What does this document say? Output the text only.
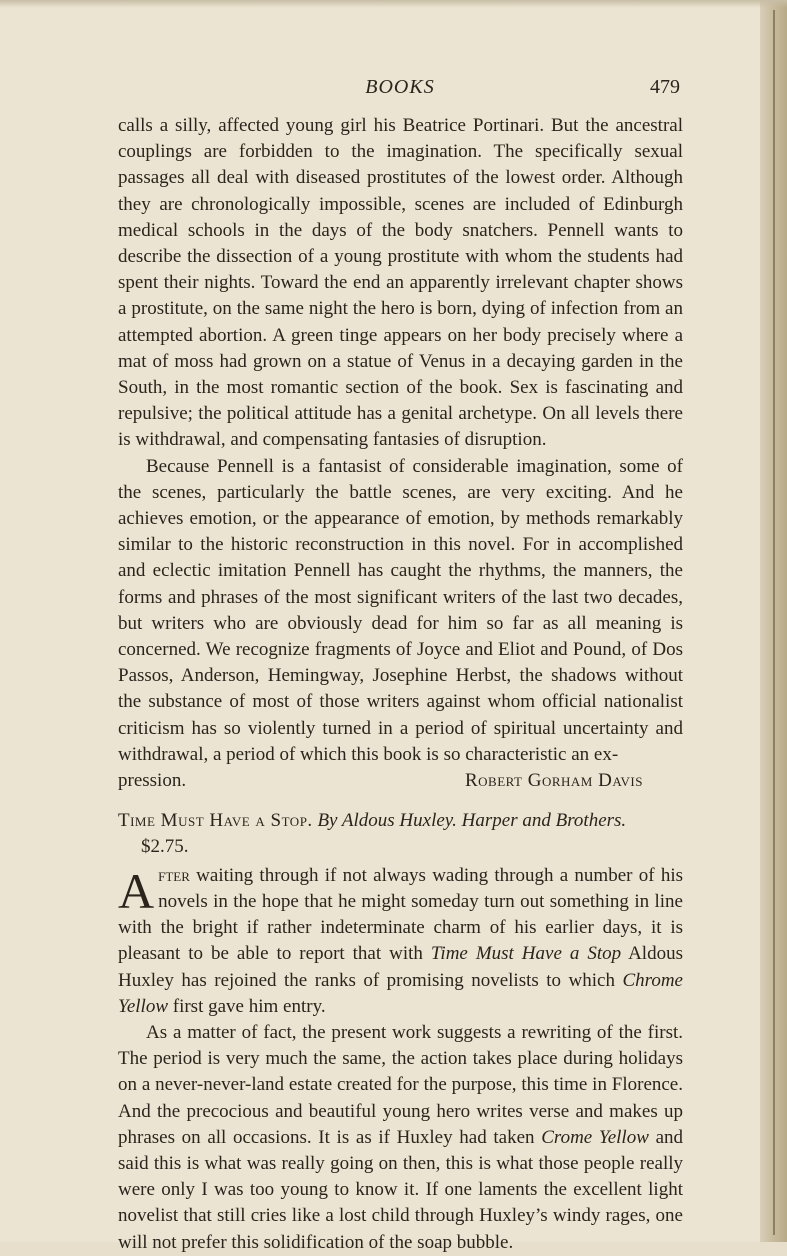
BOOKS	479

calls a silly, affected young girl his Beatrice Portinari. But the ancestral couplings are forbidden to the imagination. The specifically sexual passages all deal with diseased prostitutes of the lowest order. Although they are chronologically impossible, scenes are included of Edinburgh medical schools in the days of the body snatchers. Pennell wants to describe the dissection of a young prostitute with whom the students had spent their nights. Toward the end an apparently irrelevant chapter shows a prostitute, on the same night the hero is born, dying of infection from an attempted abortion. A green tinge appears on her body precisely where a mat of moss had grown on a statue of Venus in a decaying garden in the South, in the most romantic section of the book. Sex is fascinating and repulsive; the political attitude has a genital archetype. On all levels there is withdrawal, and compensating fantasies of disruption.

Because Pennell is a fantasist of considerable imagination, some of the scenes, particularly the battle scenes, are very exciting. And he achieves emotion, or the appearance of emotion, by methods remarkably similar to the historic reconstruction in this novel. For in accomplished and eclectic imitation Pennell has caught the rhythms, the manners, the forms and phrases of the most significant writers of the last two decades, but writers who are obviously dead for him so far as all meaning is concerned. We recognize fragments of Joyce and Eliot and Pound, of Dos Passos, Anderson, Hemingway, Josephine Herbst, the shadows without the substance of most of those writers against whom official nationalist criticism has so violently turned in a period of spiritual uncertainty and withdrawal, a period of which this book is so characteristic an ex-

pression.	Robert Gorham Davis

Time Must Have a Stop. By Aldous Huxley. Harper and Brothers.
$2.75.

After waiting through if not always wading through a number of his novels in the hope that he might someday turn out something in line with the bright if rather indeterminate charm of his earlier days, it is pleasant to be able to report that with Time Must Have a Stop Aldous Huxley has rejoined the ranks of promising novelists to which Chrome Yellow first gave him entry.

As a matter of fact, the present work suggests a rewriting of the first. The period is very much the same, the action takes place during holidays on a never-never-land estate created for the purpose, this time in Florence. And the precocious and beautiful young hero writes verse and makes up phrases on all occasions. It is as if Huxley had taken Crome Yellow and said this is what was really going on then, this is what those people really were only I was too young to know it. If one laments the excellent light novelist that still cries like a lost child through Huxley’s windy rages, one will not prefer this solidification of the soap bubble.
